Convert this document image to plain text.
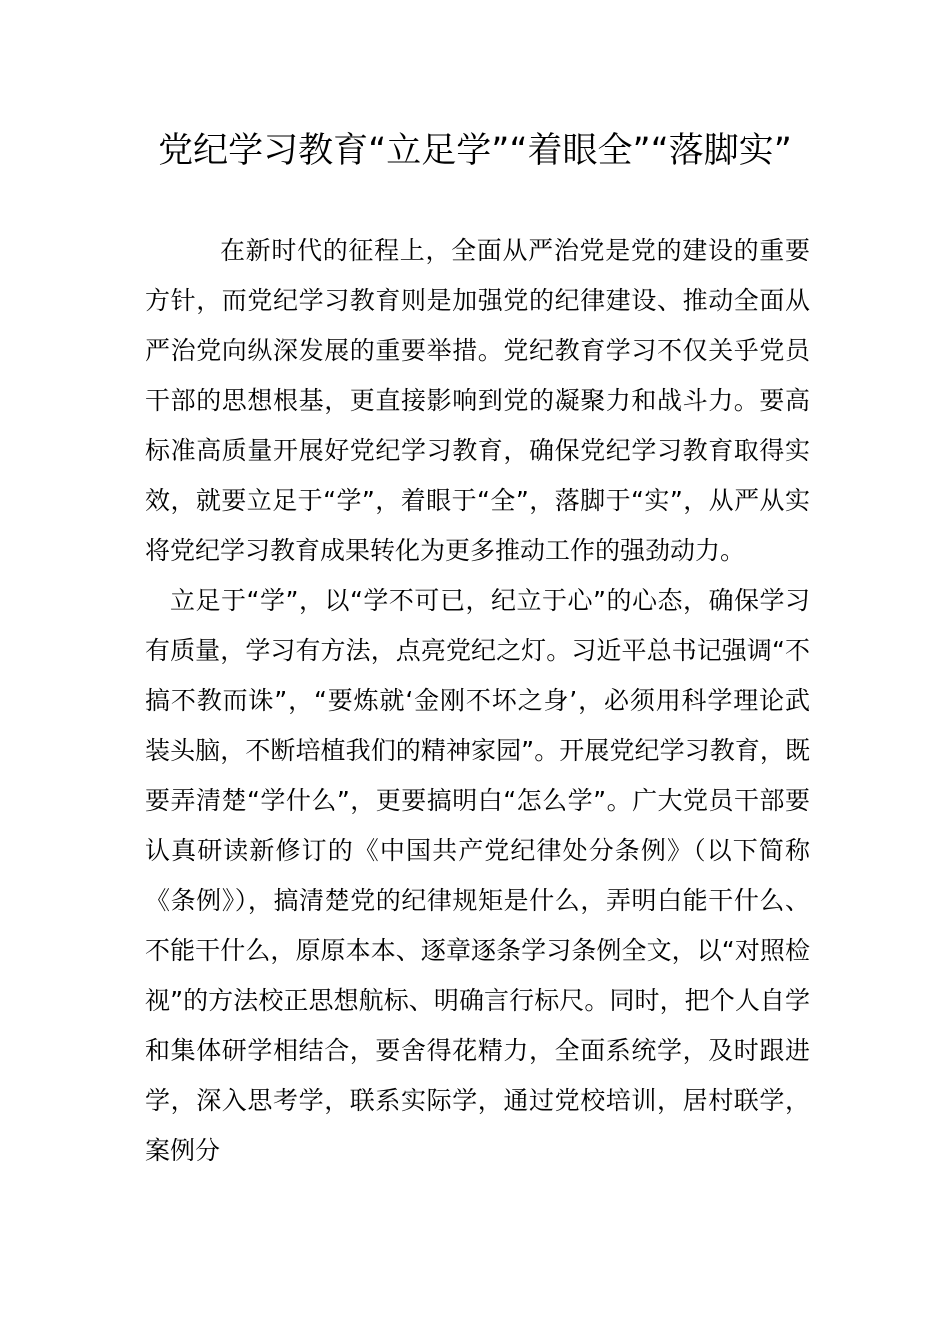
党纪学习教育“立足学”“着眼全”“落脚实”

在新时代的征程上，全面从严治党是党的建设的重要方针，而党纪学习教育则是加强党的纪律建设、推动全面从严治党向纵深发展的重要举措。党纪教育学习不仅关乎党员干部的思想根基，更直接影响到党的凝聚力和战斗力。要高标准高质量开展好党纪学习教育，确保党纪学习教育取得实效，就要立足于“学”，着眼于“全”，落脚于“实”，从严从实将党纪学习教育成果转化为更多推动工作的强劲动力。

立足于“学”，以“学不可已，纪立于心”的心态，确保学习有质量，学习有方法，点亮党纪之灯。习近平总书记强调“不搞不教而诛”，“要炼就‘金刚不坏之身’，必须用科学理论武装头脑，不断培植我们的精神家园”。开展党纪学习教育，既要弄清楚“学什么”，更要搞明白“怎么学”。广大党员干部要认真研读新修订的《中国共产党纪律处分条例》（以下简称《条例》），搞清楚党的纪律规矩是什么，弄明白能干什么、不能干什么，原原本本、逐章逐条学习条例全文，以“对照检视”的方法校正思想航标、明确言行标尺。同时，把个人自学和集体研学相结合，要舍得花精力，全面系统学，及时跟进学，深入思考学，联系实际学，通过党校培训，居村联学，案例分
